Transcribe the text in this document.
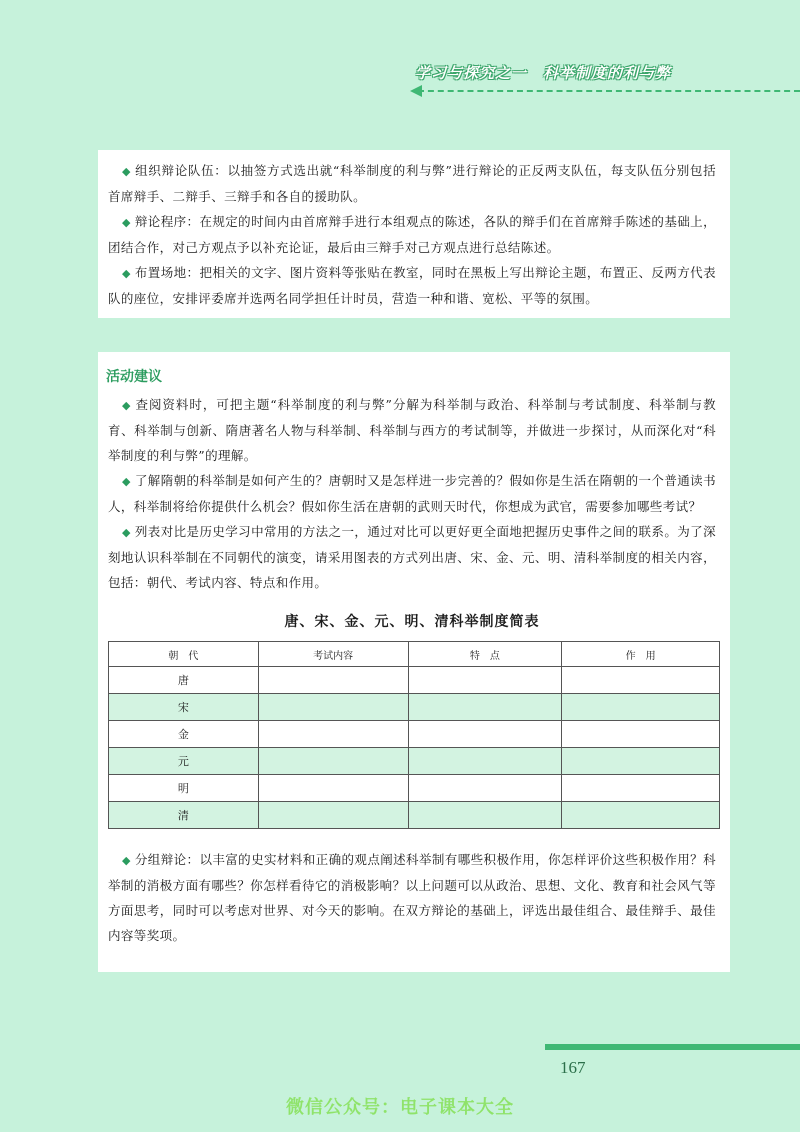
学习与探究之一　科举制度的利与弊

◆ 组织辩论队伍：以抽签方式选出就“科举制度的利与弊”进行辩论的正反两支队伍，每支队伍分别包括首席辩手、二辩手、三辩手和各自的援助队。

◆ 辩论程序：在规定的时间内由首席辩手进行本组观点的陈述，各队的辩手们在首席辩手陈述的基础上，团结合作，对己方观点予以补充论证，最后由三辩手对己方观点进行总结陈述。

◆ 布置场地：把相关的文字、图片资料等张贴在教室，同时在黑板上写出辩论主题，布置正、反两方代表队的座位，安排评委席并选两名同学担任计时员，营造一种和谐、宽松、平等的氛围。

活动建议

◆ 查阅资料时，可把主题“科举制度的利与弊”分解为科举制与政治、科举制与考试制度、科举制与教育、科举制与创新、隋唐著名人物与科举制、科举制与西方的考试制等，并做进一步探讨，从而深化对“科举制度的利与弊”的理解。

◆ 了解隋朝的科举制是如何产生的？唐朝时又是怎样进一步完善的？假如你是生活在隋朝的一个普通读书人，科举制将给你提供什么机会？假如你生活在唐朝的武则天时代，你想成为武官，需要参加哪些考试？

◆ 列表对比是历史学习中常用的方法之一，通过对比可以更好更全面地把握历史事件之间的联系。为了深刻地认识科举制在不同朝代的演变，请采用图表的方式列出唐、宋、金、元、明、清科举制度的相关内容，包括：朝代、考试内容、特点和作用。

唐、宋、金、元、明、清科举制度简表
朝　代	考试内容	特　点	作　用
唐			
宋			
金			
元			
明			
清			

◆ 分组辩论：以丰富的史实材料和正确的观点阐述科举制有哪些积极作用，你怎样评价这些积极作用？科举制的消极方面有哪些？你怎样看待它的消极影响？以上问题可以从政治、思想、文化、教育和社会风气等方面思考，同时可以考虑对世界、对今天的影响。在双方辩论的基础上，评选出最佳组合、最佳辩手、最佳内容等奖项。

167
微信公众号：电子课本大全
